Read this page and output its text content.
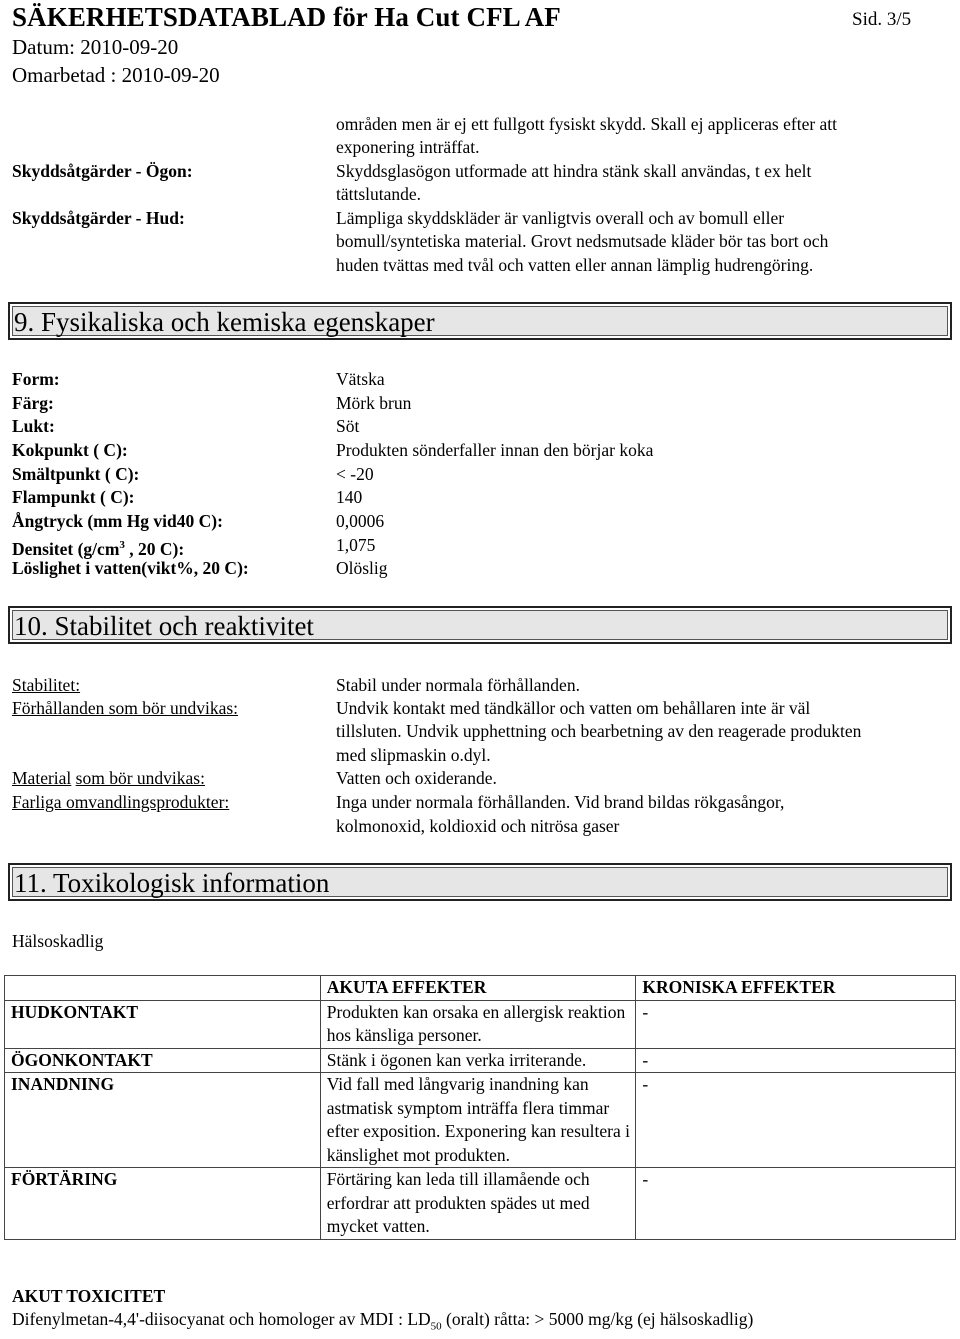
SÄKERHETSDATABLAD för Ha Cut CFL AF	Sid. 3/5
Datum: 2010-09-20
Omarbetad : 2010-09-20
områden men är ej ett fullgott fysiskt skydd. Skall ej appliceras efter att
exponering inträffat.
Skyddsåtgärder - Ögon:	Skyddsglasögon utformade att hindra stänk skall användas, t ex helt
tättslutande.
Skyddsåtgärder - Hud:	Lämpliga skyddskläder är vanligtvis overall och av bomull eller
bomull/syntetiska material. Grovt nedsmutsade kläder bör tas bort och
huden tvättas med tvål och vatten eller annan lämplig hudrengöring.
9. Fysikaliska och kemiska egenskaper
Form:	Vätska
Färg:	Mörk brun
Lukt:	Söt
Kokpunkt ( C):	Produkten sönderfaller innan den börjar koka
Smältpunkt ( C):	< -20
Flampunkt ( C):	140
Ångtryck (mm Hg vid40 C):	0,0006
Densitet ($g/cm^3$ , 20 C):	1,075
Löslighet i vatten(vikt%, 20 C):	Olöslig
10. Stabilitet och reaktivitet
Stabilitet:	Stabil under normala förhållanden.
Förhållanden som bör undvikas:	Undvik kontakt med tändkällor och vatten om behållaren inte är väl
tillsluten. Undvik upphettning och bearbetning av den reagerade produkten
med slipmaskin o.dyl.
Material som bör undvikas:	Vatten och oxiderande.
Farliga omvandlingsprodukter:	Inga under normala förhållanden. Vid brand bildas rökgasångor,
kolmonoxid, koldioxid och nitrösa gaser
11. Toxikologisk information
Hälsoskadlig
	AKUTA EFFEKTER	KRONISKA EFFEKTER
HUDKONTAKT	Produkten kan orsaka en allergisk reaktion hos känsliga personer.	-
ÖGONKONTAKT	Stänk i ögonen kan verka irriterande.	-
INANDNING	Vid fall med långvarig inandning kan astmatisk symptom inträffa flera timmar efter exposition. Exponering kan resultera i känslighet mot produkten.	-
FÖRTÄRING	Förtäring kan leda till illamående och erfordrar att produkten spädes ut med mycket vatten.	-
AKUT TOXICITET
Difenylmetan-4,4'-diisocyanat och homologer av MDI : $LD_{50}$ (oralt) råtta: > 5000 mg/kg (ej hälsoskadlig)
